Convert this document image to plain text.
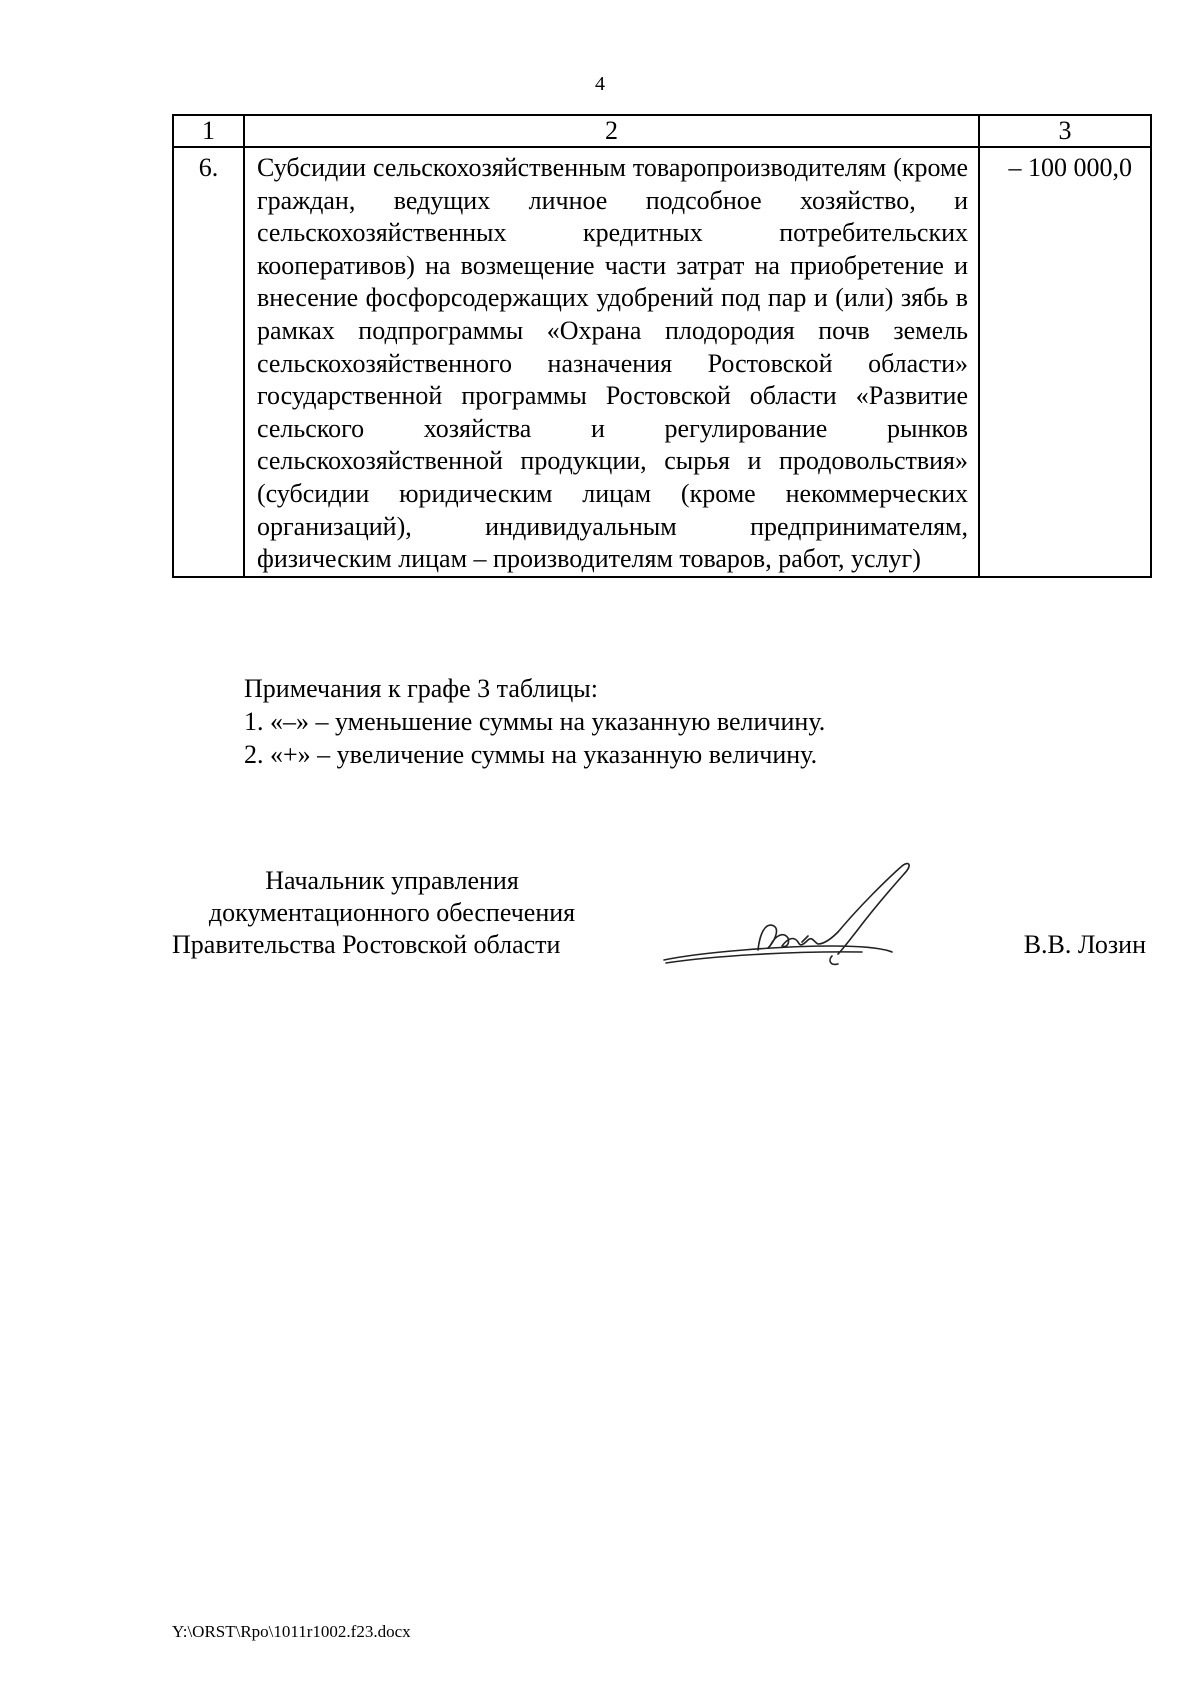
4
1	2	3
6.	Субсидии сельскохозяйственным товаропроизводителям (кроме граждан, ведущих личное подсобное хозяйство, и сельскохозяйственных кредитных потребительских кооперативов) на возмещение части затрат на приобретение и внесение фосфорсодержащих удобрений под пар и (или) зябь в рамках подпрограммы «Охрана плодородия почв земель сельскохозяйственного назначения Ростовской области» государственной программы Ростовской области «Развитие сельского хозяйства и регулирование рынков сельскохозяйственной продукции, сырья и продовольствия» (субсидии юридическим лицам (кроме некоммерческих организаций), индивидуальным предпринимателям, физическим лицам – производителям товаров, работ, услуг)	– 100 000,0
Примечания к графе 3 таблицы:
1. «–» – уменьшение суммы на указанную величину.
2. «+» – увеличение суммы на указанную величину.
Начальник управления
документационного обеспечения
Правительства Ростовской области	В.В. Лозин
Y:\ORST\Rpo\1011r1002.f23.docx
